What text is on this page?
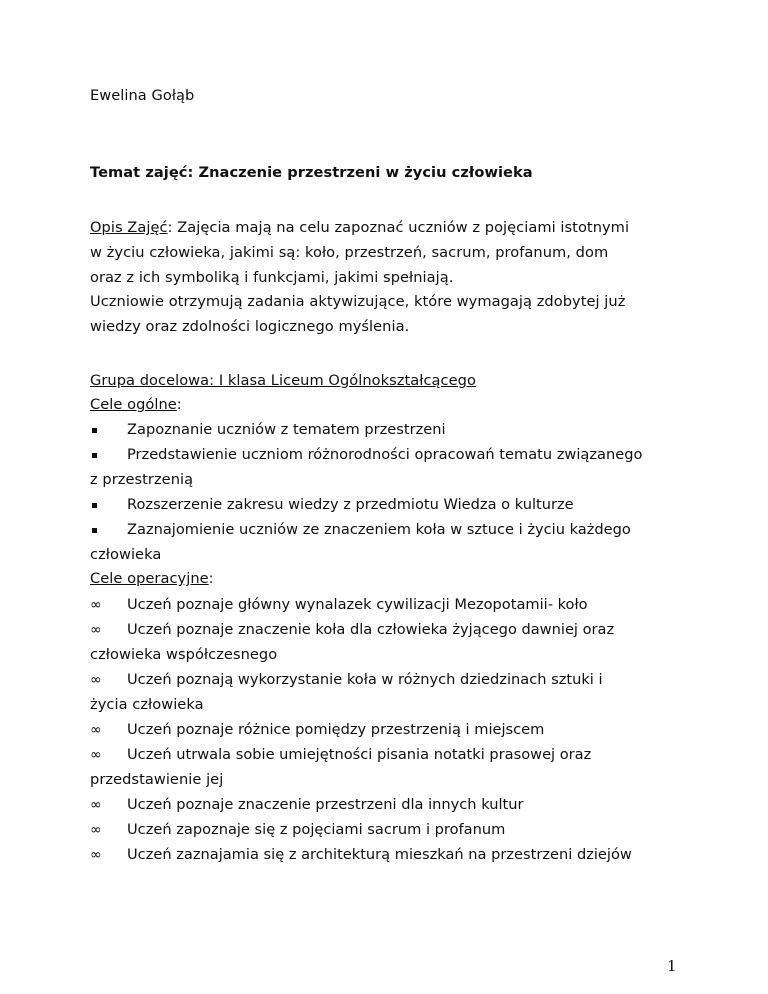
Ewelina Gołąb
Temat zajęć: Znaczenie przestrzeni w życiu człowieka
Opis Zajęć: Zajęcia mają na celu zapoznać uczniów z pojęciami istotnymi
w życiu człowieka, jakimi są: koło, przestrzeń, sacrum, profanum, dom
oraz z ich symboliką i funkcjami, jakimi spełniają.
Uczniowie otrzymują zadania aktywizujące, które wymagają zdobytej już
wiedzy oraz zdolności logicznego myślenia.
Grupa docelowa: I klasa Liceum Ogólnokształcącego
Cele ogólne:
Zapoznanie uczniów z tematem przestrzeni
Przedstawienie uczniom różnorodności opracowań tematu związanego
z przestrzenią
Rozszerzenie zakresu wiedzy z przedmiotu Wiedza o kulturze
Zaznajomienie uczniów ze znaczeniem koła w sztuce i życiu każdego
człowieka
Cele operacyjne:
∞ Uczeń poznaje główny wynalazek cywilizacji Mezopotamii- koło
∞ Uczeń poznaje znaczenie koła dla człowieka żyjącego dawniej oraz
człowieka współczesnego
∞ Uczeń poznają wykorzystanie koła w różnych dziedzinach sztuki i
życia człowieka
∞ Uczeń poznaje różnice pomiędzy przestrzenią i miejscem
∞ Uczeń utrwala sobie umiejętności pisania notatki prasowej oraz
przedstawienie jej
∞ Uczeń poznaje znaczenie przestrzeni dla innych kultur
∞ Uczeń zapoznaje się z pojęciami sacrum i profanum
∞ Uczeń zaznajamia się z architekturą mieszkań na przestrzeni dziejów
1
